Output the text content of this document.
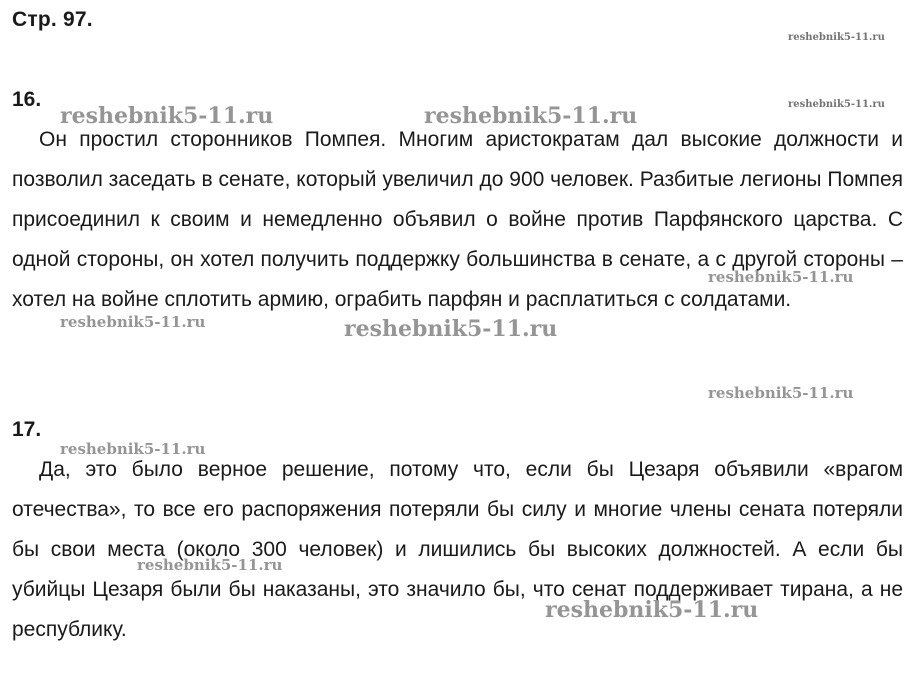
Стр. 97.
16.

Он простил сторонников Помпея. Многим аристократам дал высокие должности и позволил заседать в сенате, который увеличил до 900 человек. Разбитые легионы Помпея присоединил к своим и немедленно объявил о войне против Парфянского царства. С одной стороны, он хотел получить поддержку большинства в сенате, а с другой стороны – хотел на войне сплотить армию, ограбить парфян и расплатиться с солдатами.

17.

Да, это было верное решение, потому что, если бы Цезаря объявили «врагом отечества», то все его распоряжения потеряли бы силу и многие члены сената потеряли бы свои места (около 300 человек) и лишились бы высоких должностей. А если бы убийцы Цезаря были бы наказаны, это значило бы, что сенат поддерживает тирана, а не республику.

reshebnik5-11.ru
reshebnik5-11.ru
reshebnik5-11.ru	reshebnik5-11.ru
reshebnik5-11.ru
reshebnik5-11.ru	reshebnik5-11.ru
reshebnik5-11.ru
reshebnik5-11.ru
reshebnik5-11.ru
reshebnik5-11.ru
